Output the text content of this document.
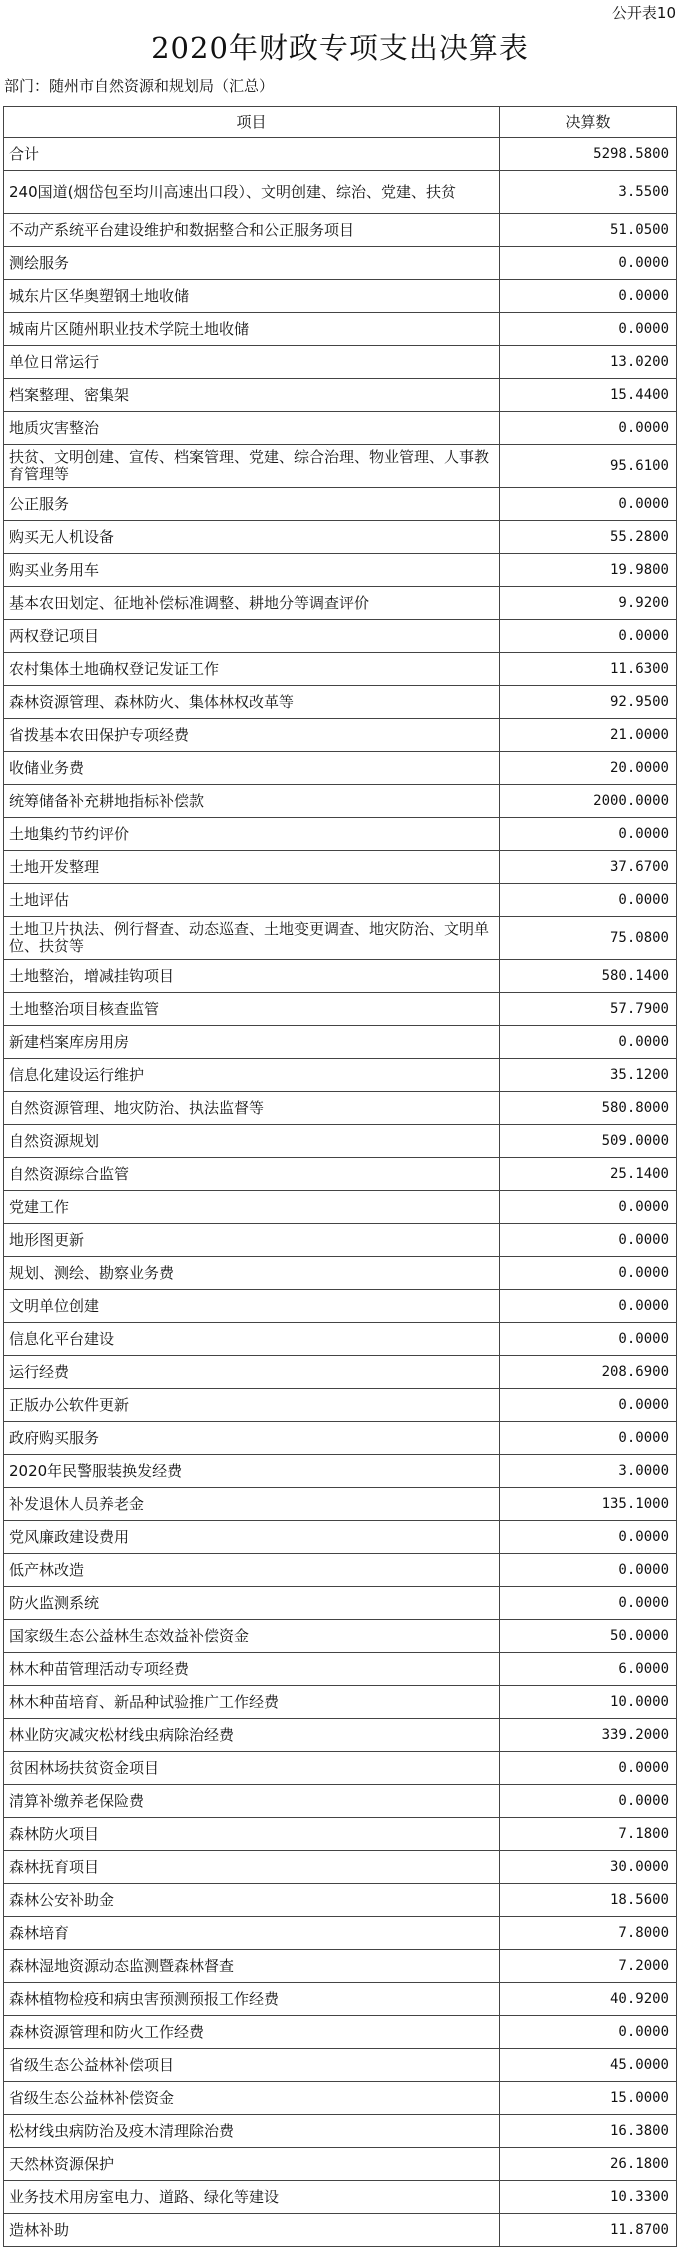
公开表10
2020年财政专项支出决算表
部门：随州市自然资源和规划局（汇总）
项目	决算数
合计	5298.5800
240国道(烟岱包至均川高速出口段）、文明创建、综治、党建、扶贫	3.5500
不动产系统平台建设维护和数据整合和公正服务项目	51.0500
测绘服务	0.0000
城东片区华奥塑钢土地收储	0.0000
城南片区随州职业技术学院土地收储	0.0000
单位日常运行	13.0200
档案整理、密集架	15.4400
地质灾害整治	0.0000
扶贫、文明创建、宣传、档案管理、党建、综合治理、物业管理、人事教育管理等	95.6100
公正服务	0.0000
购买无人机设备	55.2800
购买业务用车	19.9800
基本农田划定、征地补偿标准调整、耕地分等调查评价	9.9200
两权登记项目	0.0000
农村集体土地确权登记发证工作	11.6300
森林资源管理、森林防火、集体林权改革等	92.9500
省拨基本农田保护专项经费	21.0000
收储业务费	20.0000
统筹储备补充耕地指标补偿款	2000.0000
土地集约节约评价	0.0000
土地开发整理	37.6700
土地评估	0.0000
土地卫片执法、例行督查、动态巡查、土地变更调查、地灾防治、文明单位、扶贫等	75.0800
土地整治，增减挂钩项目	580.1400
土地整治项目核查监管	57.7900
新建档案库房用房	0.0000
信息化建设运行维护	35.1200
自然资源管理、地灾防治、执法监督等	580.8000
自然资源规划	509.0000
自然资源综合监管	25.1400
党建工作	0.0000
地形图更新	0.0000
规划、测绘、勘察业务费	0.0000
文明单位创建	0.0000
信息化平台建设	0.0000
运行经费	208.6900
正版办公软件更新	0.0000
政府购买服务	0.0000
2020年民警服装换发经费	3.0000
补发退休人员养老金	135.1000
党风廉政建设费用	0.0000
低产林改造	0.0000
防火监测系统	0.0000
国家级生态公益林生态效益补偿资金	50.0000
林木种苗管理活动专项经费	6.0000
林木种苗培育、新品种试验推广工作经费	10.0000
林业防灾减灾松材线虫病除治经费	339.2000
贫困林场扶贫资金项目	0.0000
清算补缴养老保险费	0.0000
森林防火项目	7.1800
森林抚育项目	30.0000
森林公安补助金	18.5600
森林培育	7.8000
森林湿地资源动态监测暨森林督查	7.2000
森林植物检疫和病虫害预测预报工作经费	40.9200
森林资源管理和防火工作经费	0.0000
省级生态公益林补偿项目	45.0000
省级生态公益林补偿资金	15.0000
松材线虫病防治及疫木清理除治费	16.3800
天然林资源保护	26.1800
业务技术用房室电力、道路、绿化等建设	10.3300
造林补助	11.8700
